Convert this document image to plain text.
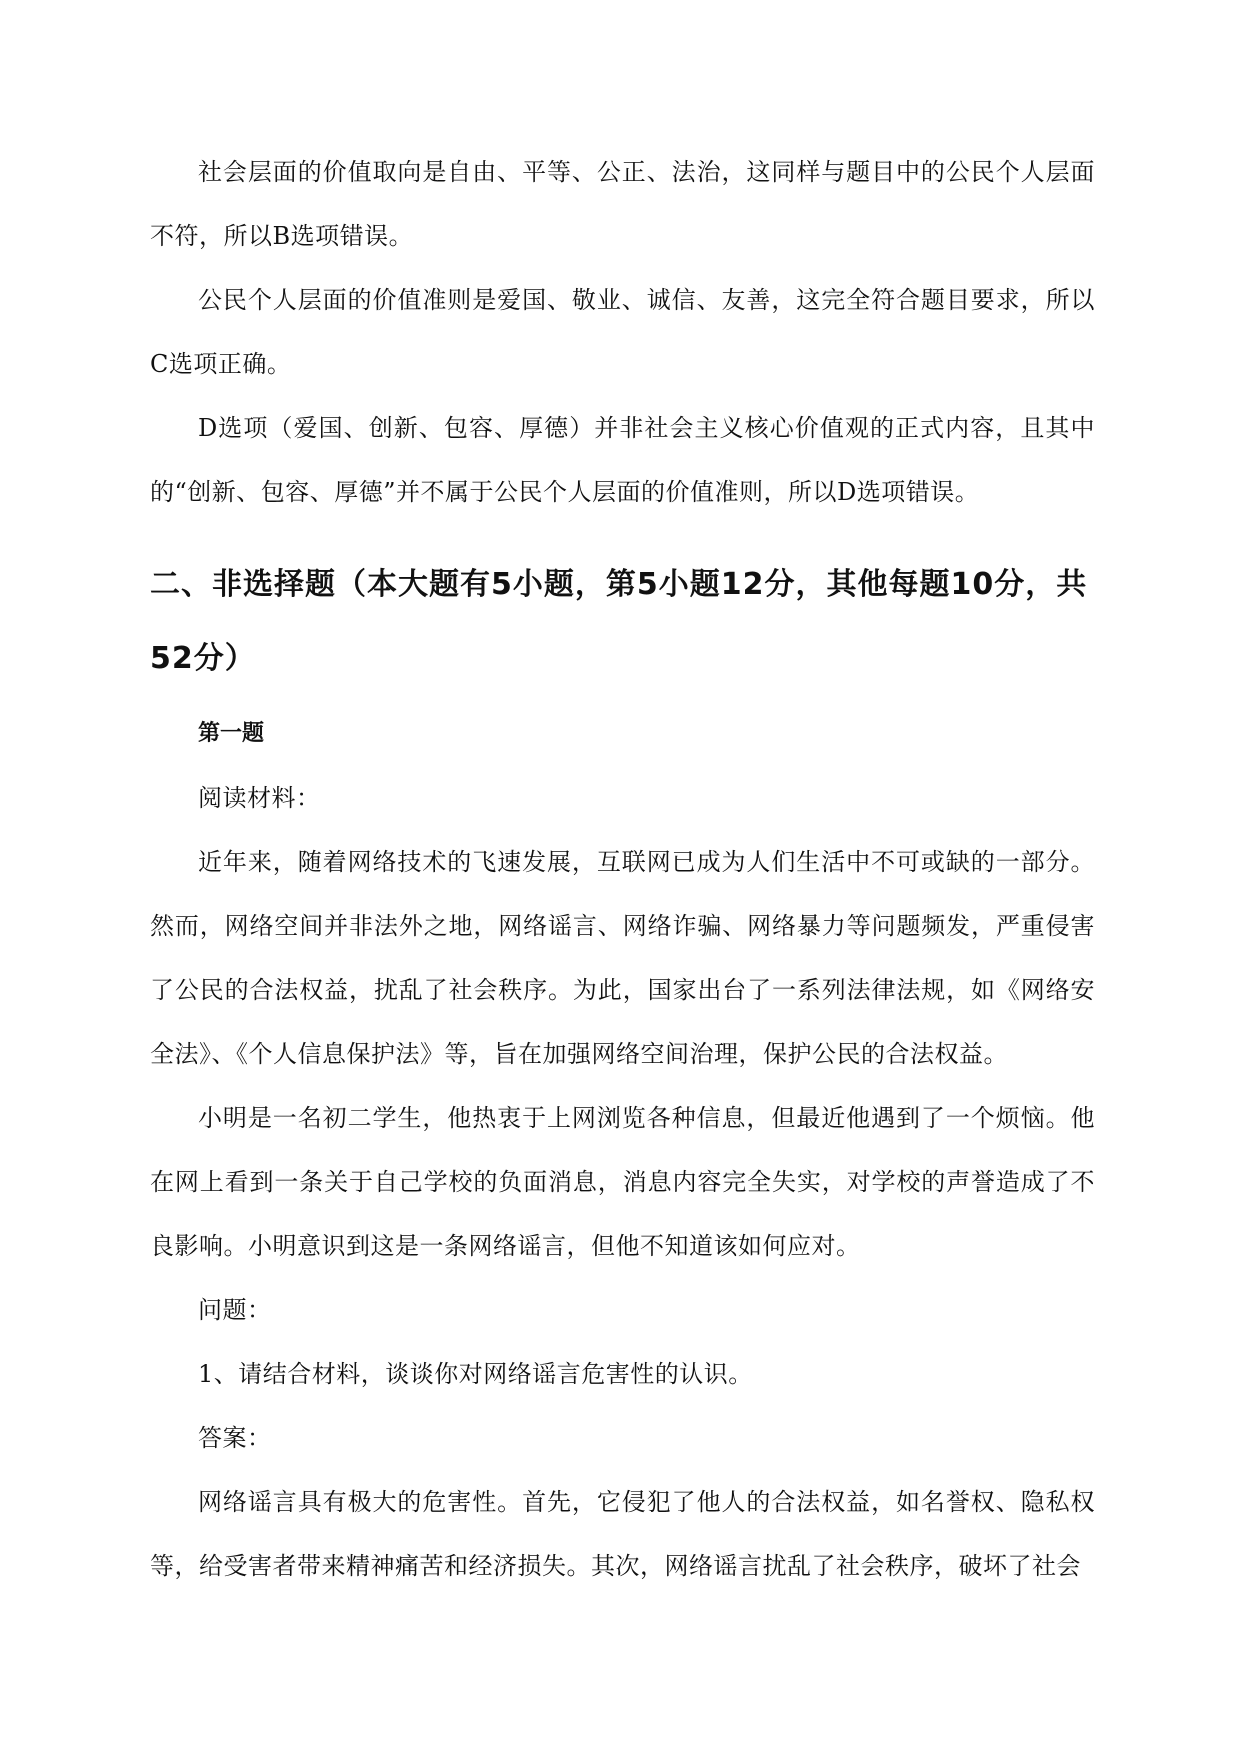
社会层面的价值取向是自由、平等、公正、法治，这同样与题目中的公民个人层面不符，所以B选项错误。

公民个人层面的价值准则是爱国、敬业、诚信、友善，这完全符合题目要求，所以C选项正确。

D选项（爱国、创新、包容、厚德）并非社会主义核心价值观的正式内容，且其中的“创新、包容、厚德”并不属于公民个人层面的价值准则，所以D选项错误。

二、非选择题（本大题有5小题，第5小题12分，其他每题10分，共52分）
第一题

阅读材料：

近年来，随着网络技术的飞速发展，互联网已成为人们生活中不可或缺的一部分。然而，网络空间并非法外之地，网络谣言、网络诈骗、网络暴力等问题频发，严重侵害了公民的合法权益，扰乱了社会秩序。为此，国家出台了一系列法律法规，如《网络安全法》、《个人信息保护法》等，旨在加强网络空间治理，保护公民的合法权益。

小明是一名初二学生，他热衷于上网浏览各种信息，但最近他遇到了一个烦恼。他在网上看到一条关于自己学校的负面消息，消息内容完全失实，对学校的声誉造成了不良影响。小明意识到这是一条网络谣言，但他不知道该如何应对。

问题：

1、请结合材料，谈谈你对网络谣言危害性的认识。

答案：

网络谣言具有极大的危害性。首先，它侵犯了他人的合法权益，如名誉权、隐私权等，给受害者带来精神痛苦和经济损失。其次，网络谣言扰乱了社会秩序，破坏了社会
